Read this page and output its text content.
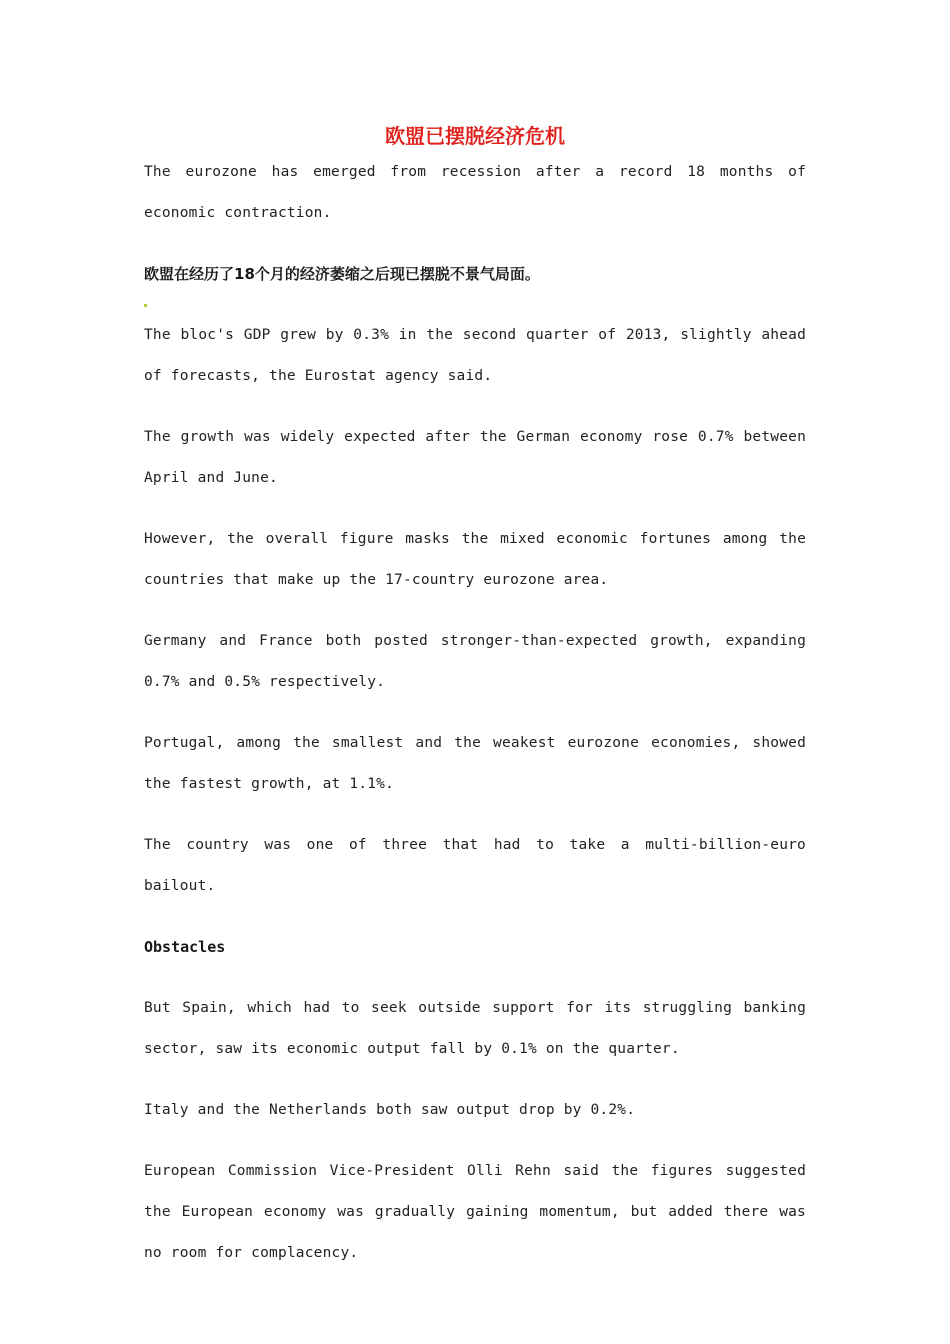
欧盟已摆脱经济危机

The eurozone has emerged from recession after a record 18 months of economic contraction.

欧盟在经历了18个月的经济萎缩之后现已摆脱不景气局面。

The bloc's GDP grew by 0.3% in the second quarter of 2013, slightly ahead of forecasts, the Eurostat agency said.

The growth was widely expected after the German economy rose 0.7% between April and June.

However, the overall figure masks the mixed economic fortunes among the countries that make up the 17-country eurozone area.

Germany and France both posted stronger-than-expected growth, expanding 0.7% and 0.5% respectively.

Portugal, among the smallest and the weakest eurozone economies, showed the fastest growth, at 1.1%.

The country was one of three that had to take a multi-billion-euro bailout.

Obstacles

But Spain, which had to seek outside support for its struggling banking sector, saw its economic output fall by 0.1% on the quarter.

Italy and the Netherlands both saw output drop by 0.2%.

European Commission Vice-President Olli Rehn said the figures suggested the European economy was gradually gaining momentum, but added there was no room for complacency.
